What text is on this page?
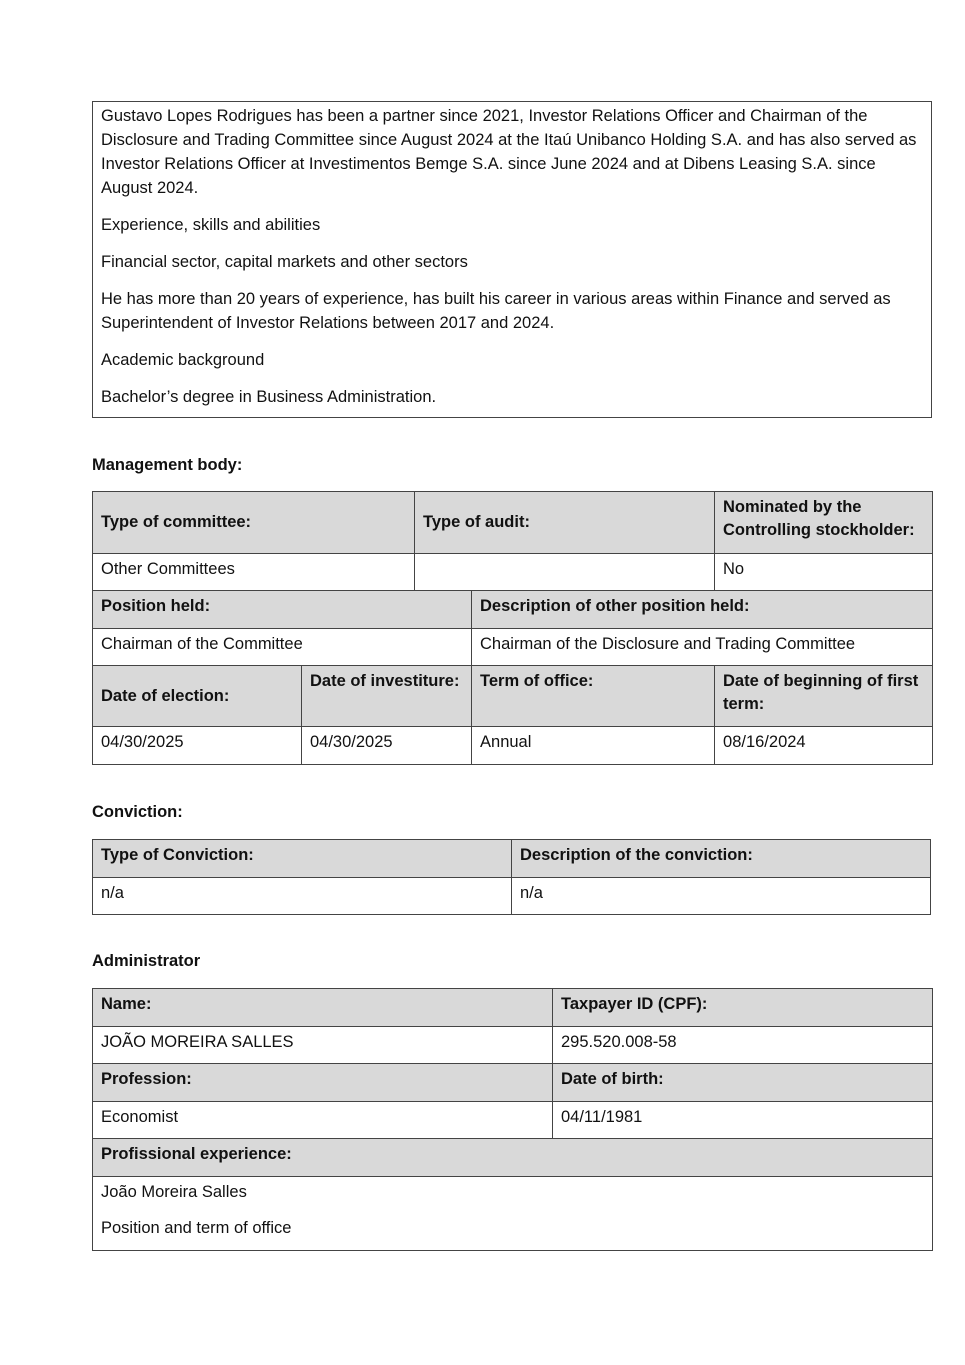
Gustavo Lopes Rodrigues has been a partner since 2021, Investor Relations Officer and Chairman of the Disclosure and Trading Committee since August 2024 at the Itaú Unibanco Holding S.A. and has also served as Investor Relations Officer at Investimentos Bemge S.A. since June 2024 and at Dibens Leasing S.A. since August 2024.

Experience, skills and abilities

Financial sector, capital markets and other sectors

He has more than 20 years of experience, has built his career in various areas within Finance and served as Superintendent of Investor Relations between 2017 and 2024.

Academic background

Bachelor’s degree in Business Administration.

Management body:
Type of committee:		Type of audit:		Nominated by the Controlling stockholder:
Other Committees				No
Position held:			Description of other position held:	
Chairman of the Committee			Chairman of the Disclosure and Trading Committee	
Date of election:	Date of investiture:		Term of office:	Date of beginning of first term:
04/30/2025	04/30/2025		Annual	08/16/2024
Conviction:
Type of Conviction:	Description of the conviction:
n/a	n/a
Administrator
Name:	Taxpayer ID (CPF):
JOÃO MOREIRA SALLES	295.520.008-58
Profession:	Date of birth:
Economist	04/11/1981
Profissional experience:	

João Moreira Salles
Position and term of office	
